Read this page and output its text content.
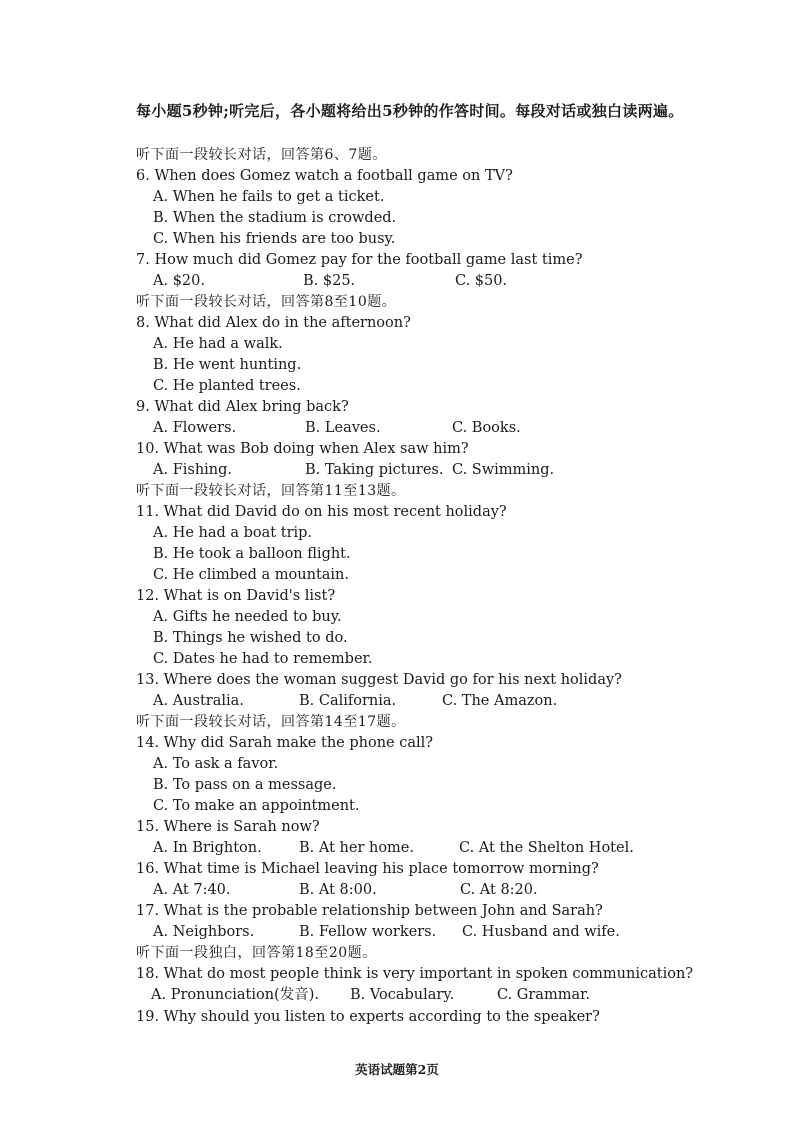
每小题5秒钟;听完后，各小题将给出5秒钟的作答时间。每段对话或独白读两遍。
听下面一段较长对话，回答第6、7题。
6. When does Gomez watch a football game on TV?
A. When he fails to get a ticket.
B. When the stadium is crowded.
C. When his friends are too busy.
7. How much did Gomez pay for the football game last time?
A. $20.	B. $25.	C. $50.
听下面一段较长对话，回答第8至10题。
8. What did Alex do in the afternoon?
A. He had a walk.
B. He went hunting.
C. He planted trees.
9. What did Alex bring back?
A. Flowers.	B. Leaves.	C. Books.
10. What was Bob doing when Alex saw him?
A. Fishing.	B. Taking pictures. C. Swimming.
听下面一段较长对话，回答第11至13题。
11. What did David do on his most recent holiday?
A. He had a boat trip.
B. He took a balloon flight.
C. He climbed a mountain.
12. What is on David's list?
A. Gifts he needed to buy.
B. Things he wished to do.
C. Dates he had to remember.
13. Where does the woman suggest David go for his next holiday?
A. Australia.	B. California.	C. The Amazon.
听下面一段较长对话，回答第14至17题。
14. Why did Sarah make the phone call?
A. To ask a favor.
B. To pass on a message.
C. To make an appointment.
15. Where is Sarah now?
A. In Brighton.	B. At her home.	C. At the Shelton Hotel.
16. What time is Michael leaving his place tomorrow morning?
A. At 7:40.	B. At 8:00.	C. At 8:20.
17. What is the probable relationship between John and Sarah?
A. Neighbors.	B. Fellow workers. C. Husband and wife.
听下面一段独白，回答第18至20题。
18. What do most people think is very important in spoken communication?
A. Pronunciation(发音). B. Vocabulary.	C. Grammar.
19. Why should you listen to experts according to the speaker?
英语试题第2页
